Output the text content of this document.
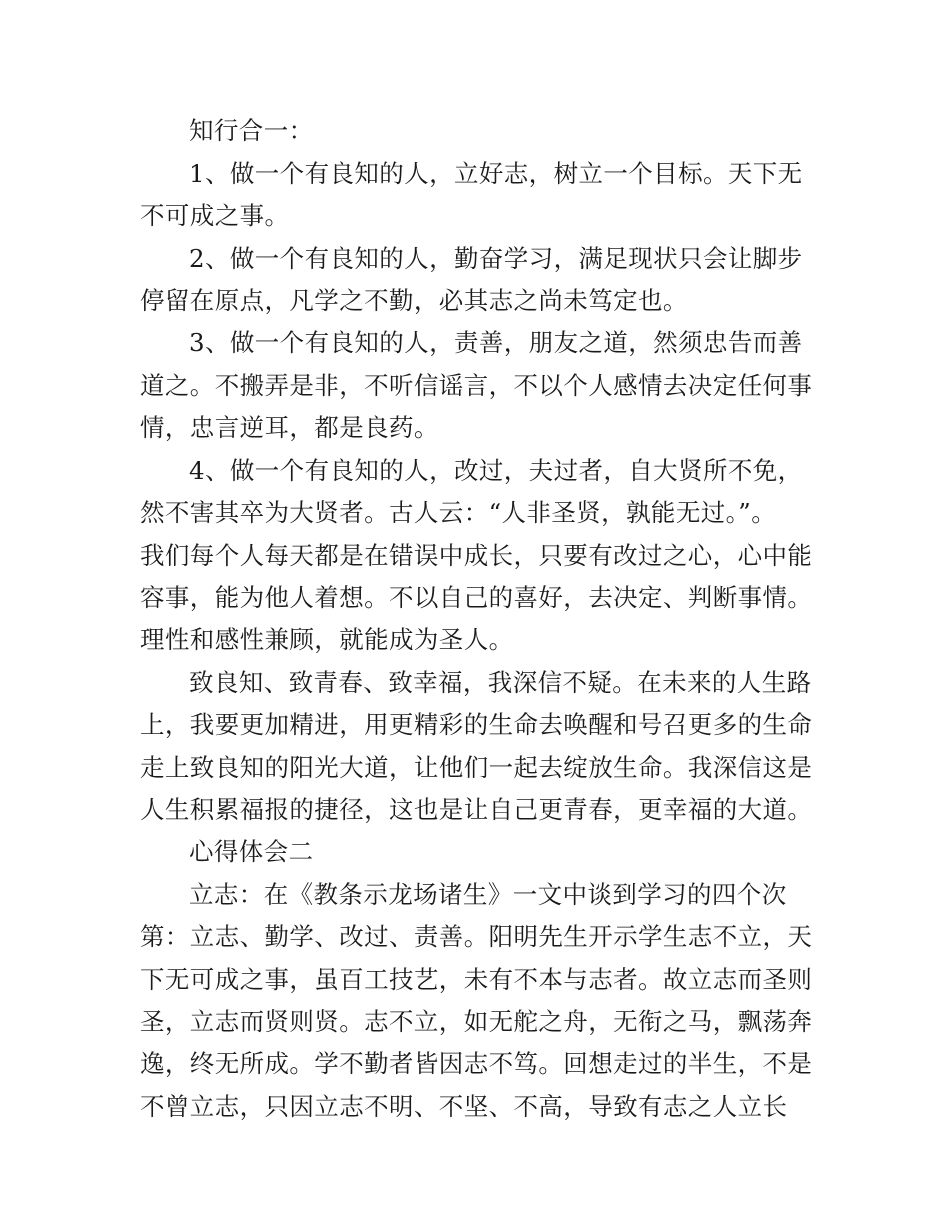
知行合一：
1、做一个有良知的人，立好志，树立一个目标。天下无
不可成之事。
2、做一个有良知的人，勤奋学习，满足现状只会让脚步
停留在原点，凡学之不勤，必其志之尚未笃定也。
3、做一个有良知的人，责善，朋友之道，然须忠告而善
道之。不搬弄是非，不听信谣言，不以个人感情去决定任何事
情，忠言逆耳，都是良药。
4、做一个有良知的人，改过，夫过者，自大贤所不免，
然不害其卒为大贤者。古人云：“人非圣贤，孰能无过。”。
我们每个人每天都是在错误中成长，只要有改过之心，心中能
容事，能为他人着想。不以自己的喜好，去决定、判断事情。
理性和感性兼顾，就能成为圣人。
致良知、致青春、致幸福，我深信不疑。在未来的人生路
上，我要更加精进，用更精彩的生命去唤醒和号召更多的生命
走上致良知的阳光大道，让他们一起去绽放生命。我深信这是
人生积累福报的捷径，这也是让自己更青春，更幸福的大道。
心得体会二
立志：在《教条示龙场诸生》一文中谈到学习的四个次
第：立志、勤学、改过、责善。阳明先生开示学生志不立，天
下无可成之事，虽百工技艺，未有不本与志者。故立志而圣则
圣，立志而贤则贤。志不立，如无舵之舟，无衔之马，飘荡奔
逸，终无所成。学不勤者皆因志不笃。回想走过的半生，不是
不曾立志，只因立志不明、不坚、不高，导致有志之人立长
